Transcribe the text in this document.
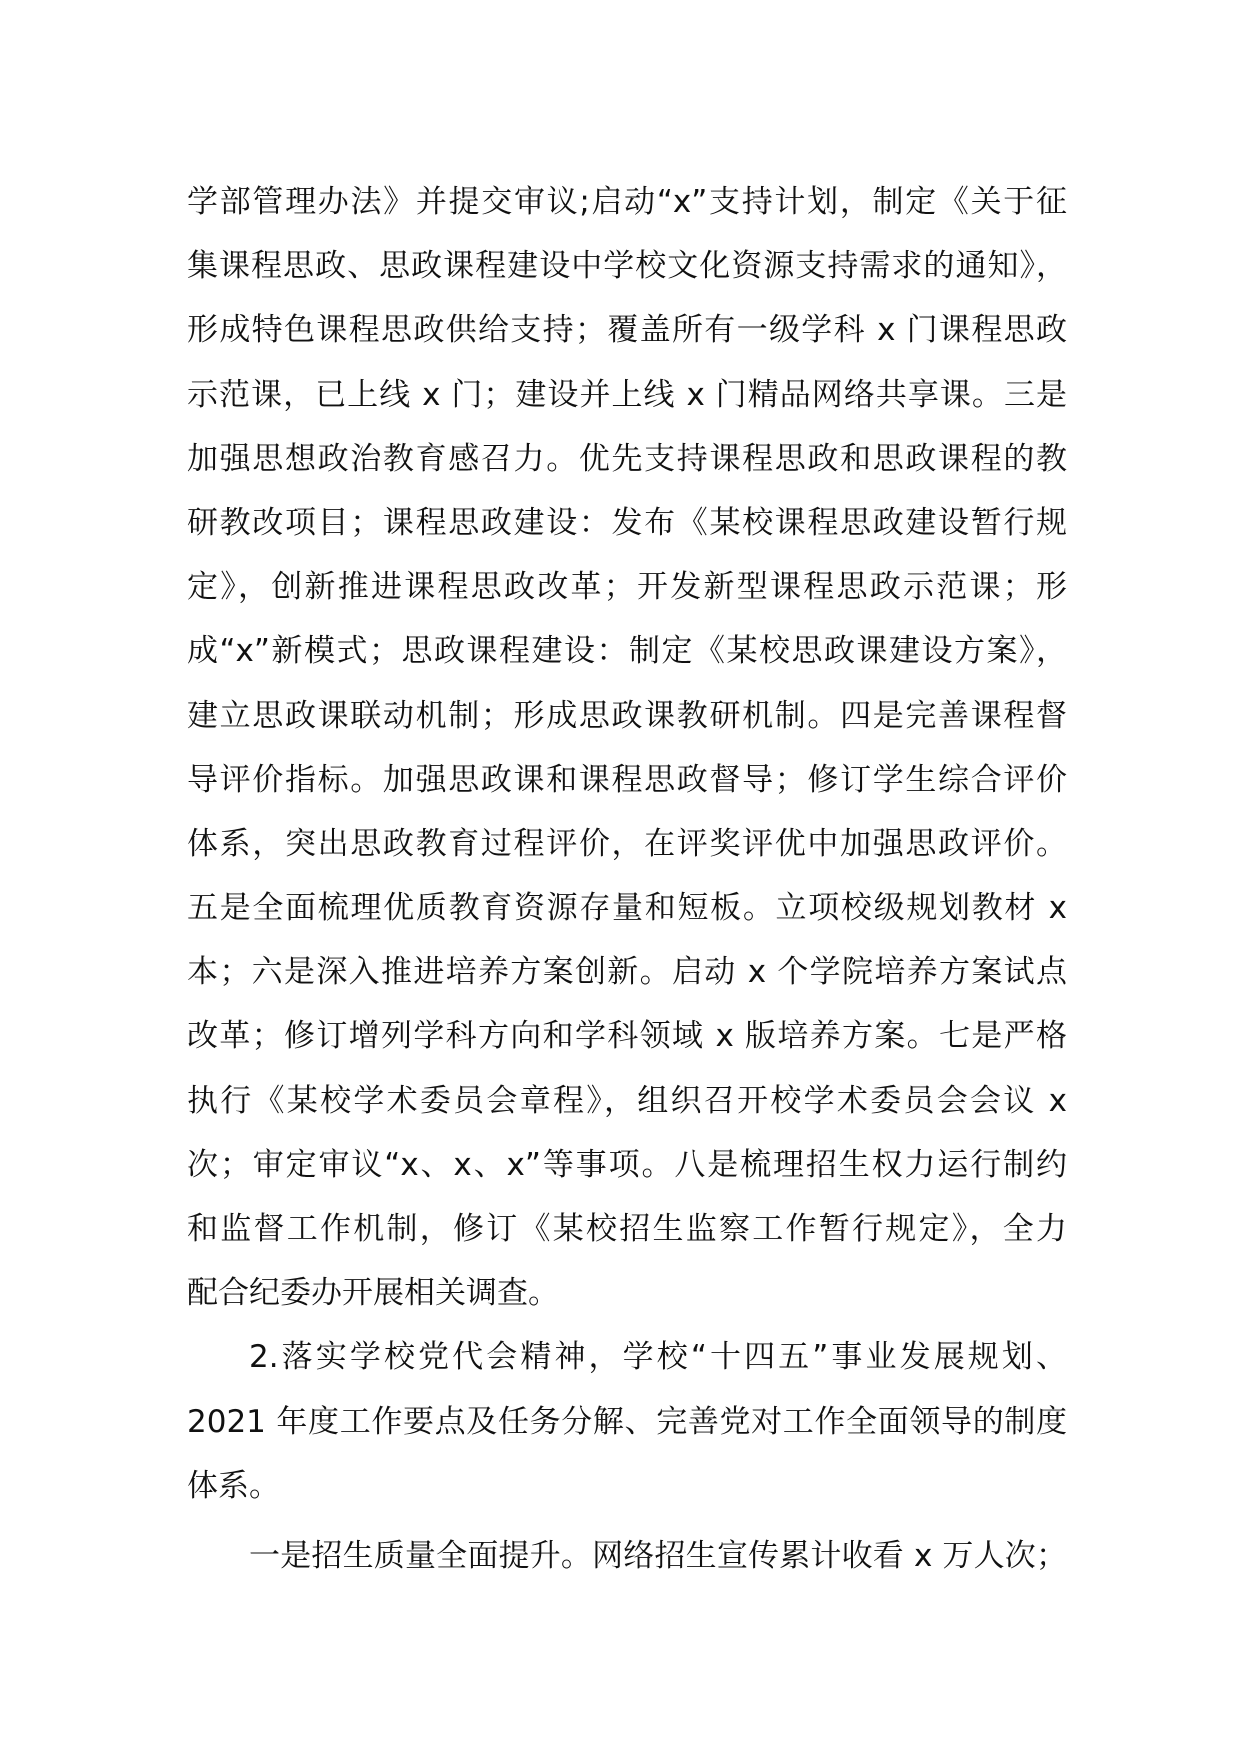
学部管理办法》并提交审议;启动“x”支持计划，制定《关于征
集课程思政、思政课程建设中学校文化资源支持需求的通知》，
形成特色课程思政供给支持；覆盖所有一级学科 x 门课程思政
示范课，已上线 x 门；建设并上线 x 门精品网络共享课。三是
加强思想政治教育感召力。优先支持课程思政和思政课程的教
研教改项目；课程思政建设：发布《某校课程思政建设暂行规
定》，创新推进课程思政改革；开发新型课程思政示范课；形
成“x”新模式；思政课程建设：制定《某校思政课建设方案》，
建立思政课联动机制；形成思政课教研机制。四是完善课程督
导评价指标。加强思政课和课程思政督导；修订学生综合评价
体系，突出思政教育过程评价，在评奖评优中加强思政评价。
五是全面梳理优质教育资源存量和短板。立项校级规划教材 x
本；六是深入推进培养方案创新。启动 x 个学院培养方案试点
改革；修订增列学科方向和学科领域 x 版培养方案。七是严格
执行《某校学术委员会章程》，组织召开校学术委员会会议 x
次；审定审议“x、x、x”等事项。八是梳理招生权力运行制约
和监督工作机制，修订《某校招生监察工作暂行规定》，全力
配合纪委办开展相关调查。
2.落实学校党代会精神，学校“十四五”事业发展规划、
2021 年度工作要点及任务分解、完善党对工作全面领导的制度
体系。
一是招生质量全面提升。网络招生宣传累计收看 x 万人次；
